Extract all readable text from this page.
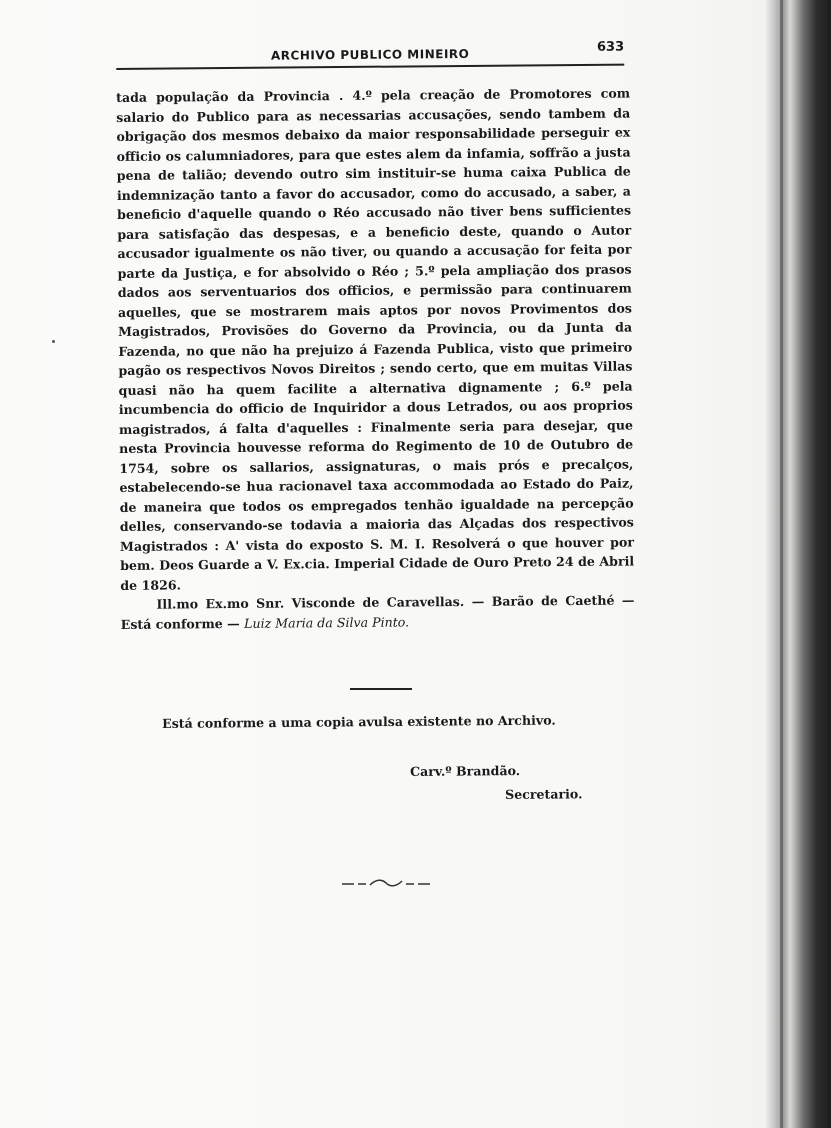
ARCHIVO PUBLICO MINEIRO	633

tada população da Provincia . 4.º pela creação de Promotores com salario do Publico para as necessarias accusações, sendo tambem da obrigação dos mesmos debaixo da maior responsabilidade perseguir ex officio os calumniadores, para que estes alem da infamia, soffrão a justa pena de talião; devendo outro sim instituir-se huma caixa Publica de indemnização tanto a favor do accusador, como do accusado, a saber, a beneficio d'aquelle quando o Réo accusado não tiver bens sufficientes para satisfação das despesas, e a beneficio deste, quando o Autor accusador igualmente os não tiver, ou quando a accusação for feita por parte da Justiça, e for absolvido o Réo ; 5.º pela ampliação dos prasos dados aos serventuarios dos officios, e permissão para continuarem aquelles, que se mostrarem mais aptos por novos Provimentos dos Magistrados, Provisões do Governo da Provincia, ou da Junta da Fazenda, no que não ha prejuizo á Fazenda Publica, visto que primeiro pagão os respectivos Novos Direitos ; sendo certo, que em muitas Villas quasi não ha quem facilite a alternativa dignamente ; 6.º pela incumbencia do officio de Inquiridor a dous Letrados, ou aos proprios magistrados, á falta d'aquelles : Finalmente seria para desejar, que nesta Provincia houvesse reforma do Regimento de 10 de Outubro de 1754, sobre os sallarios, assignaturas, o mais prós e precalços, estabelecendo-se hua racionavel taxa accommodada ao Estado do Paiz, de maneira que todos os empregados tenhão igualdade na percepção delles, conservando-se todavia a maioria das Alçadas dos respectivos Magistrados : A' vista do exposto S. M. I. Resolverá o que houver por bem. Deos Guarde a V. Ex.cia. Imperial Cidade de Ouro Preto 24 de Abril de 1826.

Ill.mo Ex.mo Snr. Visconde de Caravellas. — Barão de Caethé — Está conforme — Luiz Maria da Silva Pinto.

Está conforme a uma copia avulsa existente no Archivo.
Carv.º Brandão.
Secretario.
